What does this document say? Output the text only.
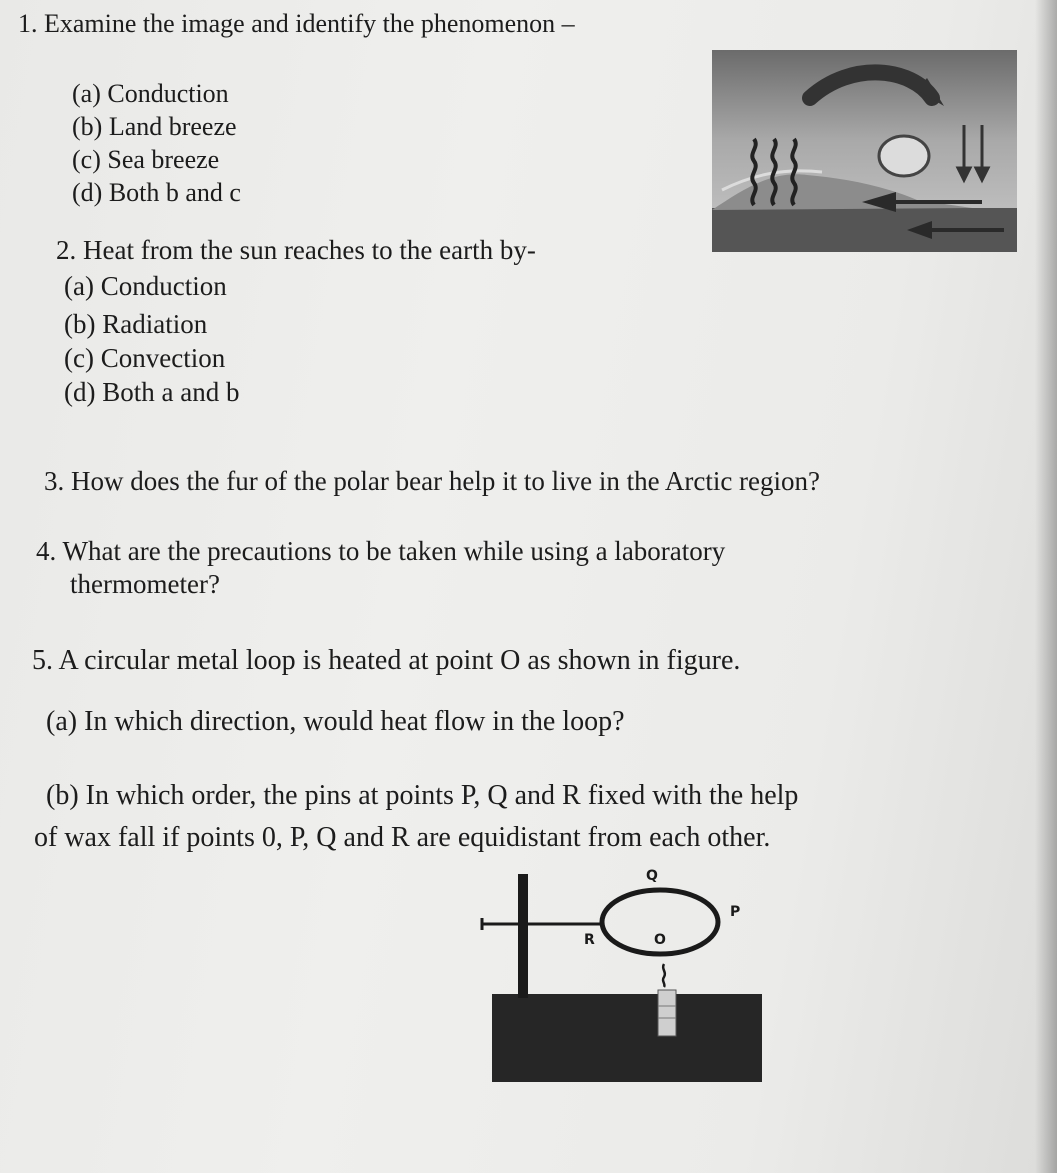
1. Examine the image and identify the phenomenon –
(a) Conduction
(b) Land breeze
(c) Sea breeze
(d) Both b and c
2. Heat from the sun reaches to the earth by-
(a) Conduction
(b) Radiation
(c) Convection
(d) Both a and b
3. How does the fur of the polar bear help it to live in the Arctic region?
4. What are the precautions to be taken while using a laboratory
thermometer?
5. A circular metal loop is heated at point O as shown in figure.
(a) In which direction, would heat flow in the loop?
(b) In which order, the pins at points P, Q and R fixed with the help
of wax fall if points 0, P, Q and R are equidistant from each other.
Q
P
R	O
